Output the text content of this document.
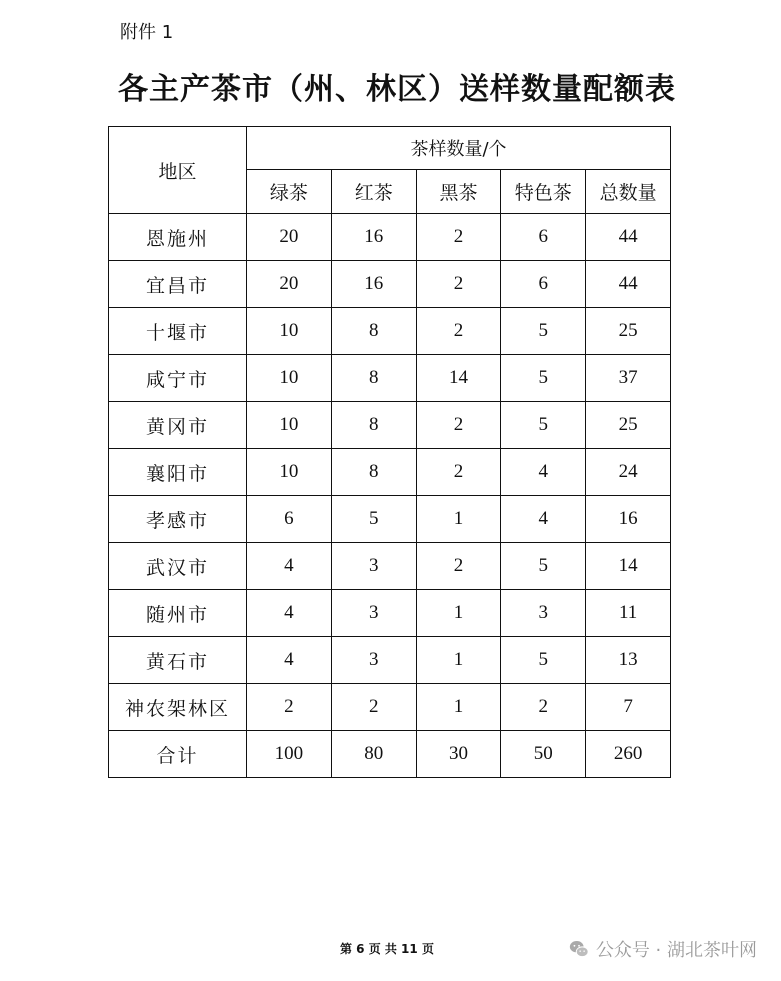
附件 1
各主产茶市（州、林区）送样数量配额表
地区	茶样数量/个				
	绿茶	红茶	黑茶	特色茶	总数量
恩施州	20	16	2	6	44
宜昌市	20	16	2	6	44
十堰市	10	8	2	5	25
咸宁市	10	8	14	5	37
黄冈市	10	8	2	5	25
襄阳市	10	8	2	4	24
孝感市	6	5	1	4	16
武汉市	4	3	2	5	14
随州市	4	3	1	3	11
黄石市	4	3	1	5	13
神农架林区	2	2	1	2	7
合计	100	80	30	50	260
第 6 页 共 11 页	公众号 · 湖北茶叶网
